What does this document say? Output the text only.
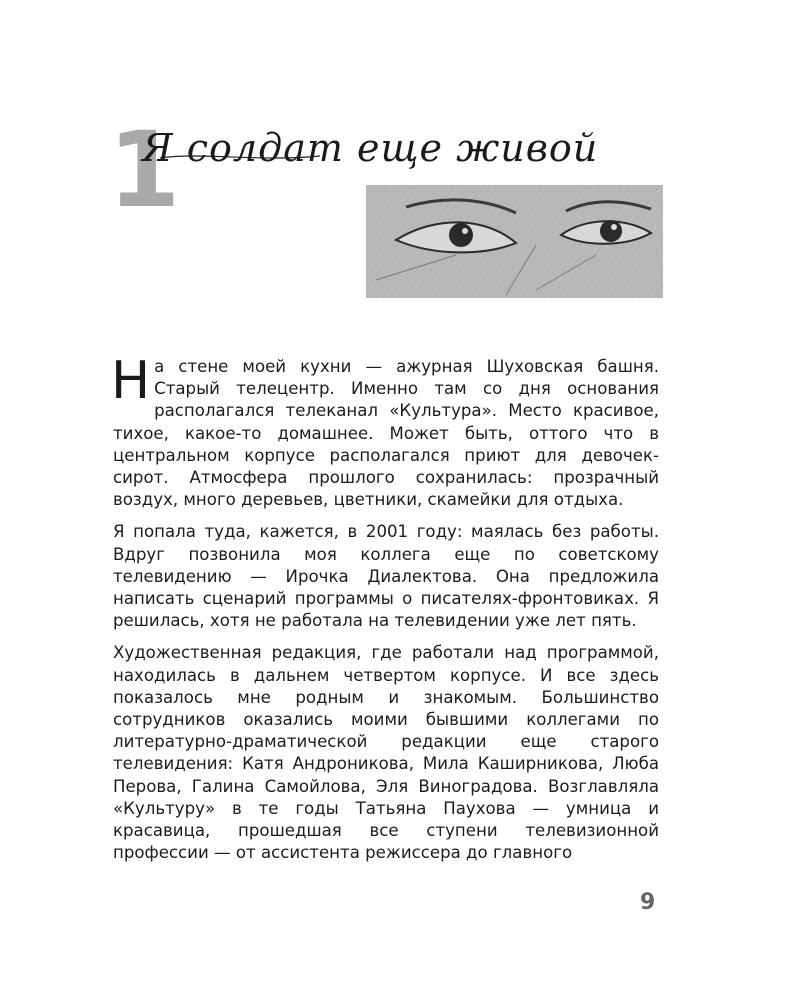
1
Я солдат еще живой

На стене моей кухни — ажурная Шуховская башня. Старый телецентр. Именно там со дня основания располагался телеканал «Культура». Место красивое, тихое, какое-то домашнее. Может быть, оттого что в центральном корпусе располагался приют для девочек-сирот. Атмосфера прошлого сохранилась: прозрачный воздух, много деревьев, цветники, скамейки для отдыха.

Я попала туда, кажется, в 2001 году: маялась без работы. Вдруг позвонила моя коллега еще по советскому телевидению — Ирочка Диалектова. Она предложила написать сценарий программы о писателях-фронтовиках. Я решилась, хотя не работала на телевидении уже лет пять.

Художественная редакция, где работали над программой, находилась в дальнем четвертом корпусе. И все здесь показалось мне родным и знакомым. Большинство сотрудников оказались моими бывшими коллегами по литературно-драматической редакции еще старого телевидения: Катя Андроникова, Мила Каширникова, Люба Перова, Галина Самойлова, Эля Виноградова. Возглавляла «Культуру» в те годы Татьяна Паухова — умница и красавица, прошедшая все ступени телевизионной профессии — от ассистента режиссера до главного

9
